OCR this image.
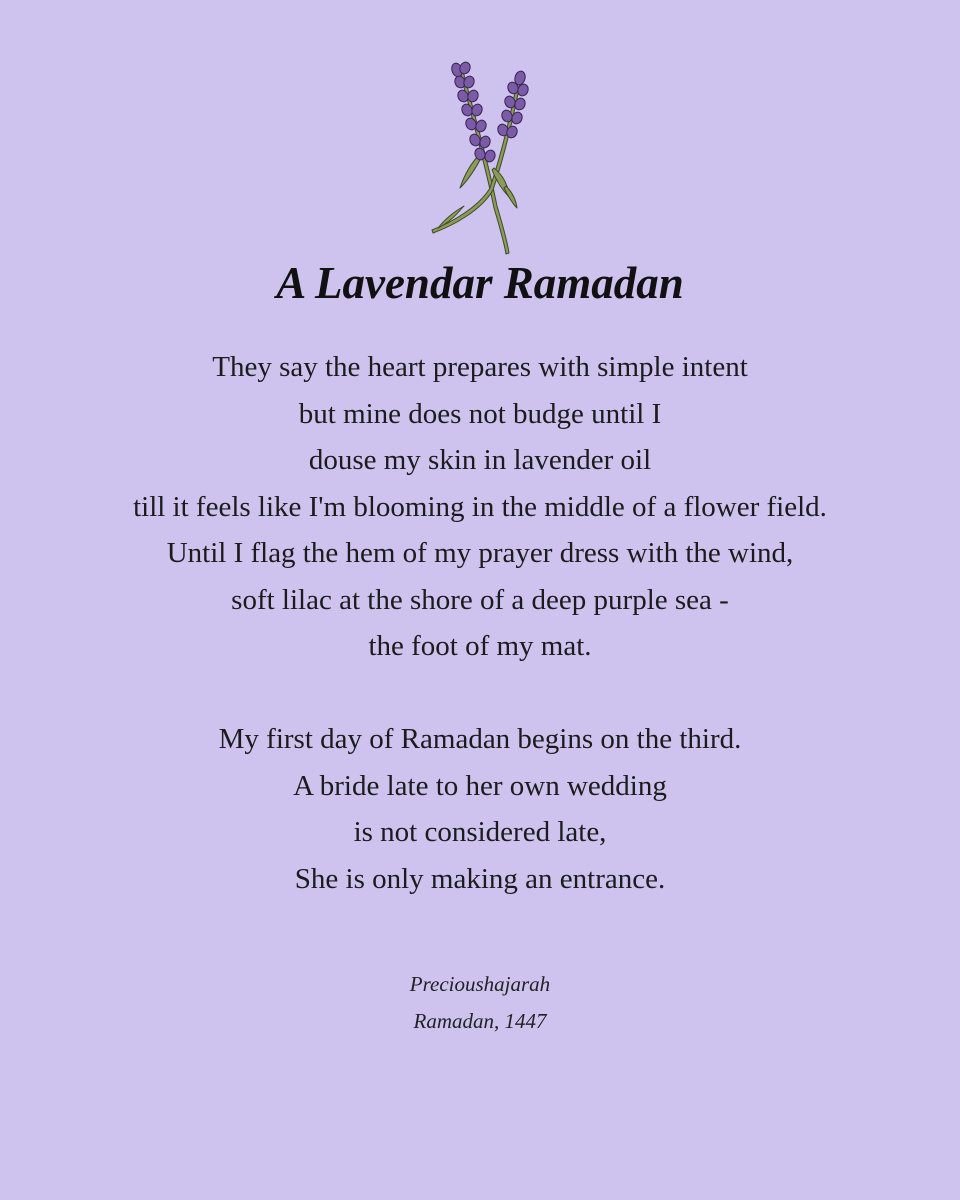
A Lavendar Ramadan
They say the heart prepares with simple intent
but mine does not budge until I
douse my skin in lavender oil
till it feels like I'm blooming in the middle of a flower field.
Until I flag the hem of my prayer dress with the wind,
soft lilac at the shore of a deep purple sea -
the foot of my mat.
My first day of Ramadan begins on the third.
A bride late to her own wedding
is not considered late,
She is only making an entrance.
Precioushajarah
Ramadan, 1447
